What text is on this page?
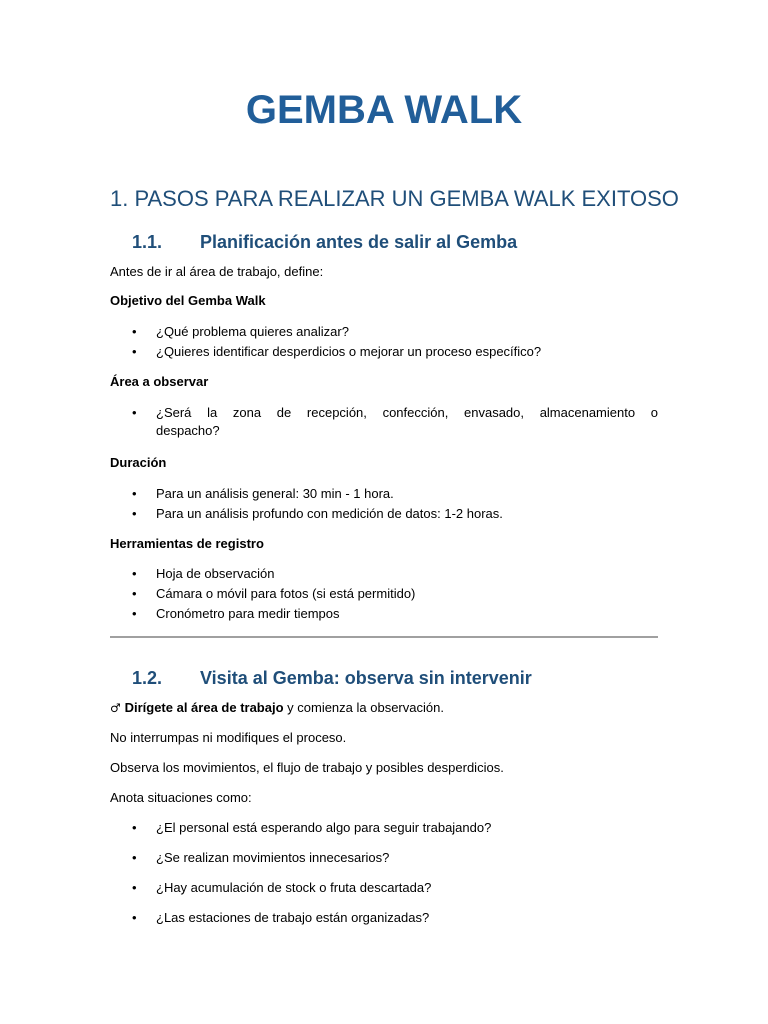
GEMBA WALK
1. PASOS PARA REALIZAR UN GEMBA WALK EXITOSO
1.1. Planificación antes de salir al Gemba

Antes de ir al área de trabajo, define:

Objetivo del Gemba Walk

• ¿Qué problema quieres analizar?

• ¿Quieres identificar desperdicios o mejorar un proceso específico?

Área a observar

• ¿Será la zona de recepción, confección, envasado, almacenamiento o

despacho?

Duración

• Para un análisis general: 30 min - 1 hora.

• Para un análisis profundo con medición de datos: 1-2 horas.

Herramientas de registro

• Hoja de observación

• Cámara o móvil para fotos (si está permitido)

• Cronómetro para medir tiempos

1.2. Visita al Gemba: observa sin intervenir

♂ Dirígete al área de trabajo y comienza la observación.

No interrumpas ni modifiques el proceso.

Observa los movimientos, el flujo de trabajo y posibles desperdicios.

Anota situaciones como:

• ¿El personal está esperando algo para seguir trabajando?

• ¿Se realizan movimientos innecesarios?

• ¿Hay acumulación de stock o fruta descartada?

• ¿Las estaciones de trabajo están organizadas?
